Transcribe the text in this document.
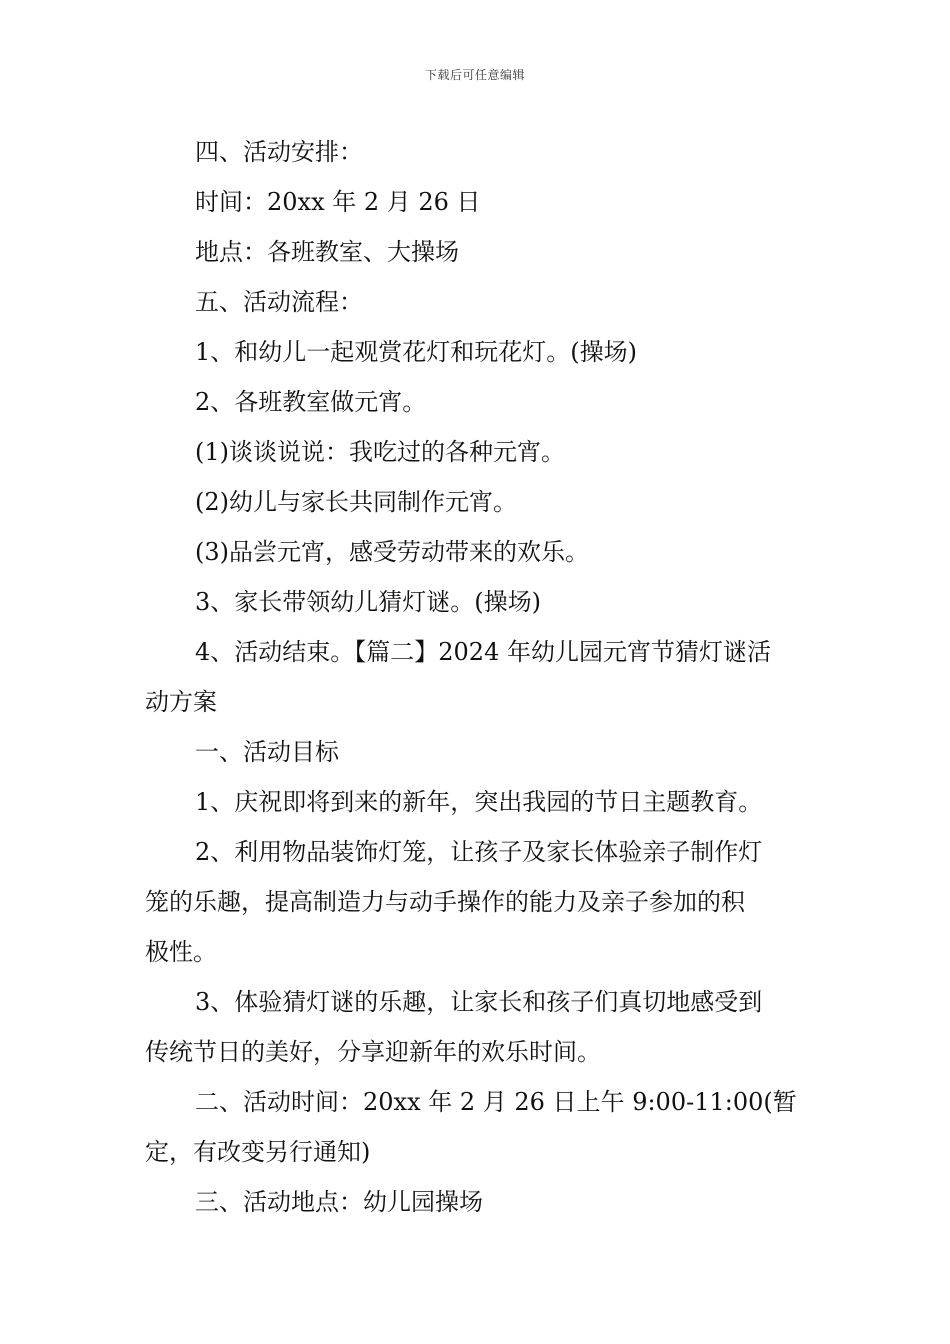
下载后可任意编辑
四、活动安排：
时间：20xx 年 2 月 26 日
地点：各班教室、大操场
五、活动流程：
1、和幼儿一起观赏花灯和玩花灯。(操场)
2、各班教室做元宵。
(1)谈谈说说：我吃过的各种元宵。
(2)幼儿与家长共同制作元宵。
(3)品尝元宵，感受劳动带来的欢乐。
3、家长带领幼儿猜灯谜。(操场)
4、活动结束。【篇二】2024 年幼儿园元宵节猜灯谜活
动方案
一、活动目标
1、庆祝即将到来的新年，突出我园的节日主题教育。
2、利用物品装饰灯笼，让孩子及家长体验亲子制作灯
笼的乐趣，提高制造力与动手操作的能力及亲子参加的积
极性。
3、体验猜灯谜的乐趣，让家长和孩子们真切地感受到
传统节日的美好，分享迎新年的欢乐时间。
二、活动时间：20xx 年 2 月 26 日上午 9:00-11:00(暂
定，有改变另行通知)
三、活动地点：幼儿园操场
